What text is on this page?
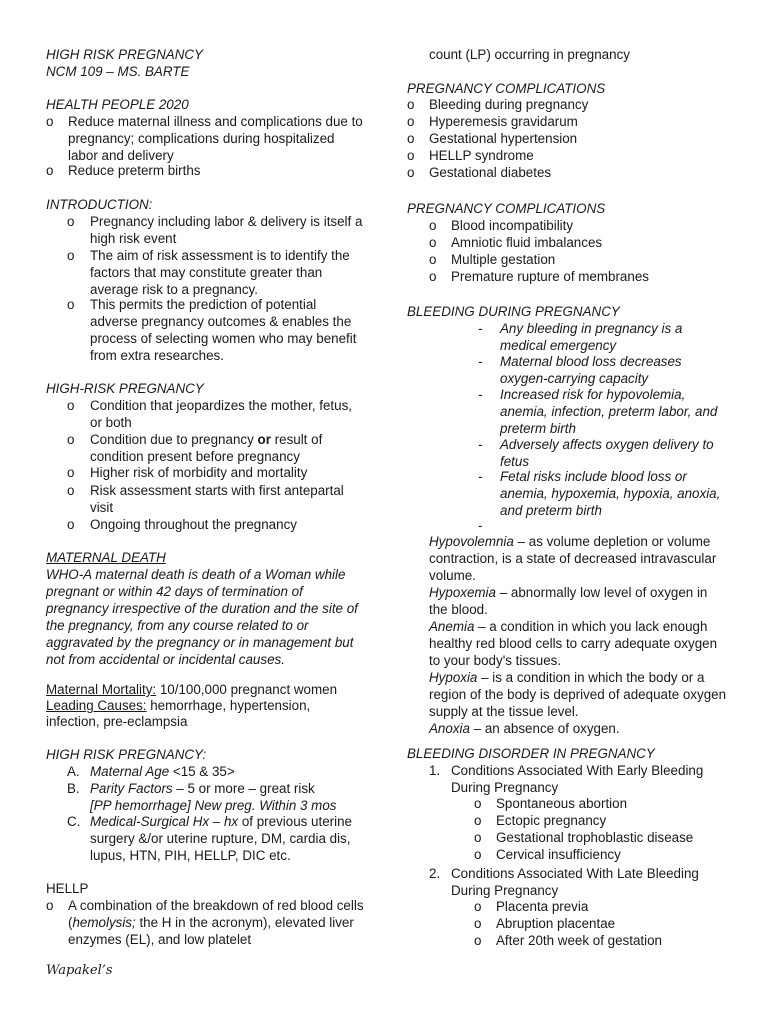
HIGH RISK PREGNANCY
NCM 109 – MS. BARTE
HEALTH PEOPLE 2020
o	Reduce maternal illness and complications due to pregnancy; complications during hospitalized labor and delivery
o	Reduce preterm births
INTRODUCTION:
o	Pregnancy including labor & delivery is itself a high risk event
o	The aim of risk assessment is to identify the factors that may constitute greater than average risk to a pregnancy.
o	This permits the prediction of potential adverse pregnancy outcomes & enables the process of selecting women who may benefit from extra researches.
HIGH-RISK PREGNANCY
o	Condition that jeopardizes the mother, fetus, or both
o	Condition due to pregnancy or result of condition present before pregnancy
o	Higher risk of morbidity and mortality
o	Risk assessment starts with first antepartal visit
o	Ongoing throughout the pregnancy
MATERNAL DEATH
WHO-A maternal death is death of a Woman while pregnant or within 42 days of termination of pregnancy irrespective of the duration and the site of the pregnancy, from any course related to or aggravated by the pregnancy or in management but not from accidental or incidental causes.
Maternal Mortality: 10/100,000 pregnanct women
Leading Causes: hemorrhage, hypertension,
infection, pre-eclampsia
HIGH RISK PREGNANCY:
A. Maternal Age <15 & 35>
B. Parity Factors – 5 or more – great risk
[PP hemorrhage] New preg. Within 3 mos
C. Medical-Surgical Hx – hx of previous uterine surgery &/or uterine rupture, DM, cardia dis, lupus, HTN, PIH, HELLP, DIC etc.
HELLP
o	A combination of the breakdown of red blood cells (hemolysis; the H in the acronym), elevated liver enzymes (EL), and low platelet
count (LP) occurring in pregnancy
PREGNANCY COMPLICATIONS
o	Bleeding during pregnancy
o	Hyperemesis gravidarum
o	Gestational hypertension
o	HELLP syndrome
o	Gestational diabetes
PREGNANCY COMPLICATIONS
o	Blood incompatibility
o	Amniotic fluid imbalances
o	Multiple gestation
o	Premature rupture of membranes
BLEEDING DURING PREGNANCY
-	Any bleeding in pregnancy is a medical emergency
-	Maternal blood loss decreases oxygen-carrying capacity
-	Increased risk for hypovolemia, anemia, infection, preterm labor, and preterm birth
-	Adversely affects oxygen delivery to fetus
-	Fetal risks include blood loss or anemia, hypoxemia, hypoxia, anoxia, and preterm birth
-
Hypovolemnia – as volume depletion or volume contraction, is a state of decreased intravascular volume.
Hypoxemia – abnormally low level of oxygen in the blood.
Anemia – a condition in which you lack enough healthy red blood cells to carry adequate oxygen to your body's tissues.
Hypoxia – is a condition in which the body or a region of the body is deprived of adequate oxygen supply at the tissue level.
Anoxia – an absence of oxygen.
BLEEDING DISORDER IN PREGNANCY
1. Conditions Associated With Early Bleeding During Pregnancy
o	Spontaneous abortion
o	Ectopic pregnancy
o	Gestational trophoblastic disease
o	Cervical insufficiency
2. Conditions Associated With Late Bleeding During Pregnancy
o	Placenta previa
o	Abruption placentae
o	After 20th week of gestation
Wapakel’s
